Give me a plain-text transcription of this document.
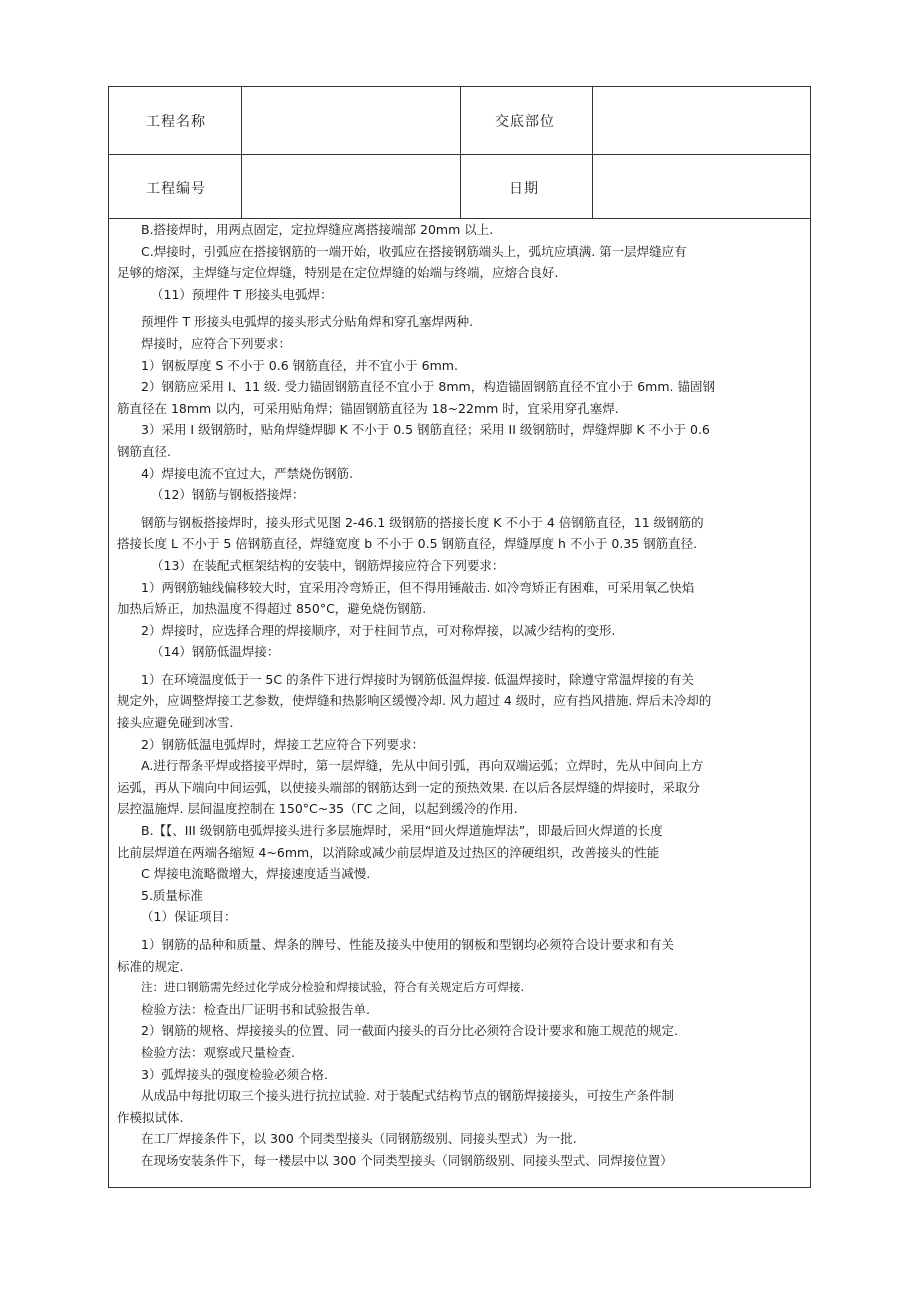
工程名称	交底部位
工程编号	日期

B.搭接焊时，用两点固定，定拉焊缝应离搭接端部 20mm 以上.

C.焊接时，引弧应在搭接钢筋的一端开始，收弧应在搭接钢筋端头上，弧坑应填满. 第一层焊缝应有

足够的熔深，主焊缝与定位焊缝，特别是在定位焊缝的始端与终端，应熔合良好.

（11）预埋件 T 形接头电弧焊：

预埋件 T 形接头电弧焊的接头形式分贴角焊和穿孔塞焊两种.

焊接时，应符合下列要求：

1）钢板厚度 S 不小于 0.6 钢筋直径，并不宜小于 6mm.

2）钢筋应采用 I、11 级. 受力锚固钢筋直径不宜小于 8mm，构造锚固钢筋直径不宜小于 6mm. 锚固钢

筋直径在 18mm 以内，可采用贴角焊；锚固钢筋直径为 18~22mm 时，宜采用穿孔塞焊.

3）采用 I 级钢筋时，贴角焊缝焊脚 K 不小于 0.5 钢筋直径；采用 II 级钢筋时，焊缝焊脚 K 不小于 0.6

钢筋直径.

4）焊接电流不宜过大，严禁烧伤钢筋.

（12）钢筋与钢板搭接焊：

钢筋与钢板搭接焊时，接头形式见图 2-46.1 级钢筋的搭接长度 K 不小于 4 倍钢筋直径，11 级钢筋的

搭接长度 L 不小于 5 倍钢筋直径，焊缝宽度 b 不小于 0.5 钢筋直径，焊缝厚度 h 不小于 0.35 钢筋直径.

（13）在装配式框架结构的安装中，钢筋焊接应符合下列要求：

1）两钢筋轴线偏移较大时，宜采用冷弯矫正，但不得用锤敲击. 如冷弯矫正有困难，可采用氧乙快焰

加热后矫正，加热温度不得超过 850°C，避免烧伤钢筋.

2）焊接时，应选择合理的焊接顺序，对于柱间节点，可对称焊接，以减少结构的变形.

（14）钢筋低温焊接：

1）在环境温度低于一 5C 的条件下进行焊接时为钢筋低温焊接. 低温焊接时，除遵守常温焊接的有关

规定外，应调整焊接工艺参数，使焊缝和热影响区缓慢冷却. 风力超过 4 级时，应有挡风措施. 焊后未冷却的

接头应避免碰到冰雪.

2）钢筋低温电弧焊时，焊接工艺应符合下列要求：

A.进行帮条平焊或搭接平焊时，第一层焊缝，先从中间引弧，再向双端运弧；立焊时，先从中间向上方

运弧，再从下端向中间运弧，以使接头端部的钢筋达到一定的预热效果. 在以后各层焊缝的焊接时，采取分

层控温施焊. 层间温度控制在 150°C~35（ΓC 之间，以起到缓冷的作用.

B.【【、III 级钢筋电弧焊接头进行多层施焊时，采用“回火焊道施焊法”，即最后回火焊道的长度

比前层焊道在两端各缩短 4~6mm，以消除或减少前层焊道及过热区的淬硬组织，改善接头的性能

C 焊接电流略微增大，焊接速度适当减慢.

5.质量标准

（1）保证项目：

1）钢筋的品种和质量、焊条的牌号、性能及接头中使用的钢板和型钢均必须符合设计要求和有关

标准的规定.

注：进口钢筋需先经过化学成分检验和焊接试验，符合有关规定后方可焊接.

检验方法：检查出厂证明书和试验报告单.

2）钢筋的规格、焊接接头的位置、同一截面内接头的百分比必须符合设计要求和施工规范的规定.

检验方法：观察或尺量检查.

3）弧焊接头的强度检验必须合格.

从成品中每批切取三个接头进行抗拉试验. 对于装配式结构节点的钢筋焊接接头，可按生产条件制

作模拟试体.

在工厂焊接条件下，以 300 个同类型接头（同钢筋级别、同接头型式）为一批.

在现场安装条件下，每一楼层中以 300 个同类型接头（同钢筋级别、同接头型式、同焊接位置）
